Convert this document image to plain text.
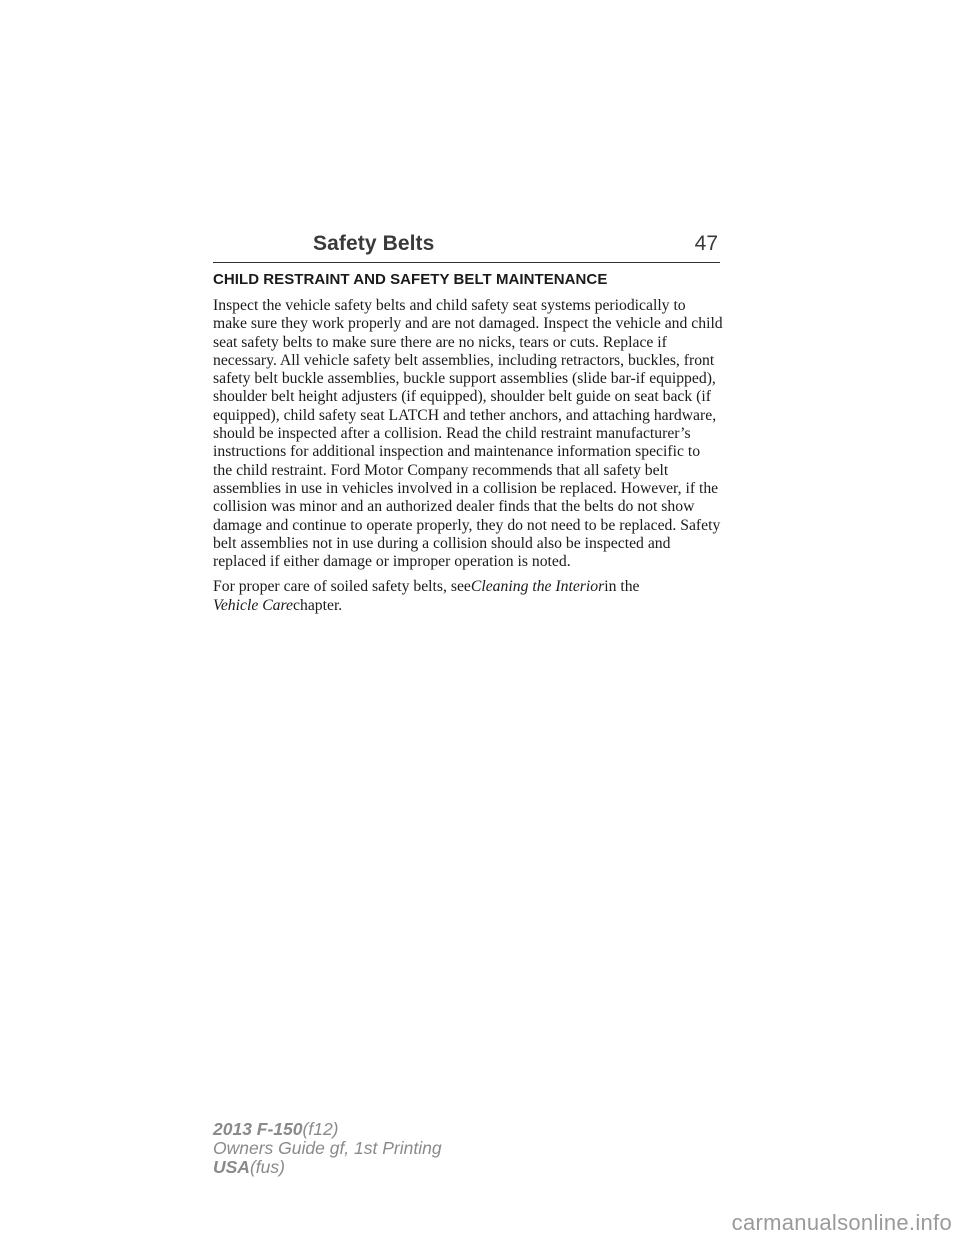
Safety Belts	47
CHILD RESTRAINT AND SAFETY BELT MAINTENANCE

Inspect the vehicle safety belts and child safety seat systems periodically to make sure they work properly and are not damaged. Inspect the vehicle and child seat safety belts to make sure there are no nicks, tears or cuts. Replace if necessary. All vehicle safety belt assemblies, including retractors, buckles, front safety belt buckle assemblies, buckle support assemblies (slide bar-if equipped), shoulder belt height adjusters (if equipped), shoulder belt guide on seat back (if equipped), child safety seat LATCH and tether anchors, and attaching hardware, should be inspected after a collision. Read the child restraint manufacturer’s instructions for additional inspection and maintenance information specific to the child restraint. Ford Motor Company recommends that all safety belt assemblies in use in vehicles involved in a collision be replaced. However, if the collision was minor and an authorized dealer finds that the belts do not show damage and continue to operate properly, they do not need to be replaced. Safety belt assemblies not in use during a collision should also be inspected and replaced if either damage or improper operation is noted.

For proper care of soiled safety belts, seeCleaning the Interiorin the
Vehicle Carechapter.

2013 F-150(f12)
Owners Guide gf, 1st Printing
USA(fus)
carmanualsonline.info
